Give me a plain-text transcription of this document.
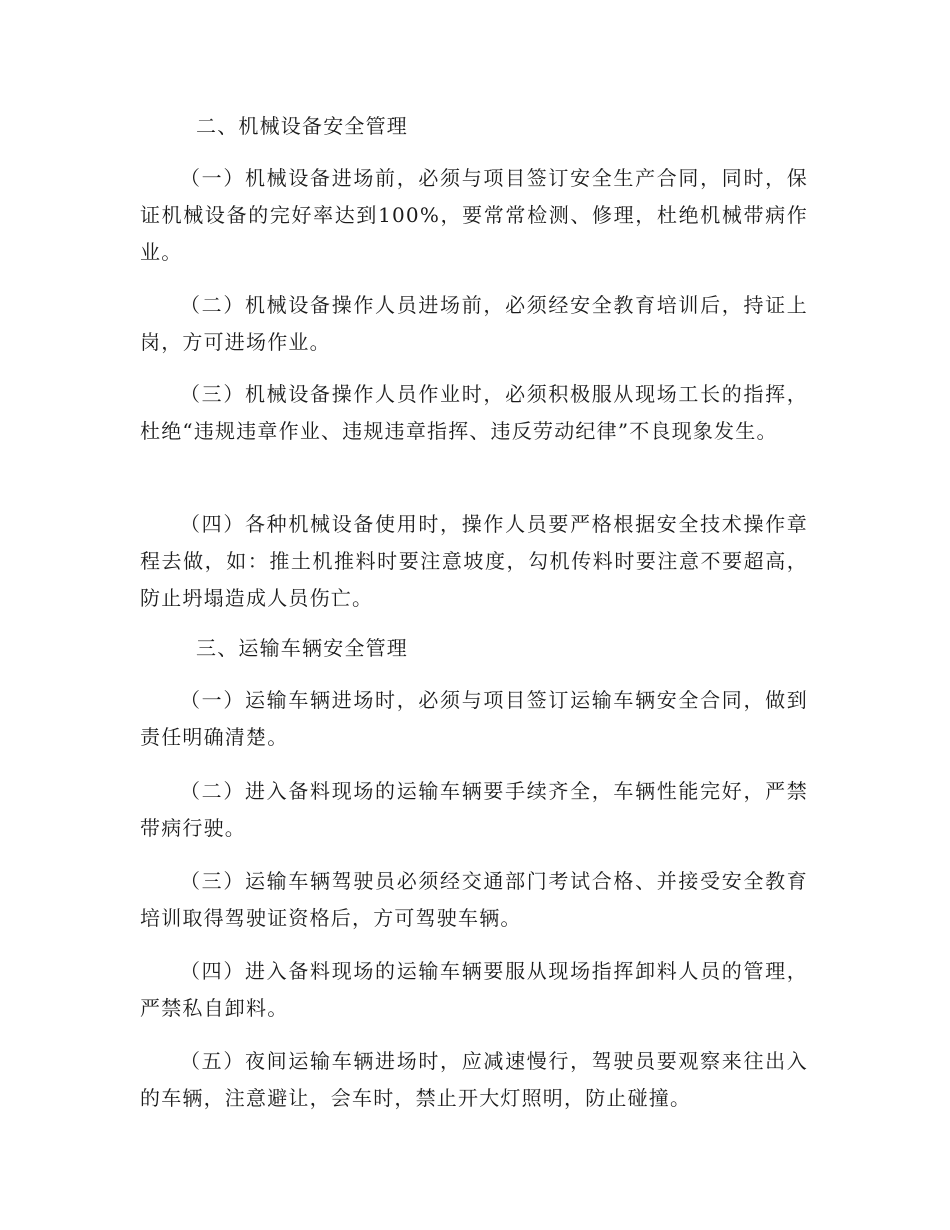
二、机械设备安全管理

（一）机械设备进场前，必须与项目签订安全生产合同，同时，保证机械设备的完好率达到100%，要常常检测、修理，杜绝机械带病作业。

（二）机械设备操作人员进场前，必须经安全教育培训后，持证上岗，方可进场作业。

（三）机械设备操作人员作业时，必须积极服从现场工长的指挥，杜绝“违规违章作业、违规违章指挥、违反劳动纪律”不良现象发生。

（四）各种机械设备使用时，操作人员要严格根据安全技术操作章程去做，如：推土机推料时要注意坡度，勾机传料时要注意不要超高，防止坍塌造成人员伤亡。

三、运输车辆安全管理

（一）运输车辆进场时，必须与项目签订运输车辆安全合同，做到责任明确清楚。

（二）进入备料现场的运输车辆要手续齐全，车辆性能完好，严禁带病行驶。

（三）运输车辆驾驶员必须经交通部门考试合格、并接受安全教育培训取得驾驶证资格后，方可驾驶车辆。

（四）进入备料现场的运输车辆要服从现场指挥卸料人员的管理，严禁私自卸料。

（五）夜间运输车辆进场时，应减速慢行，驾驶员要观察来往出入的车辆，注意避让，会车时，禁止开大灯照明，防止碰撞。
